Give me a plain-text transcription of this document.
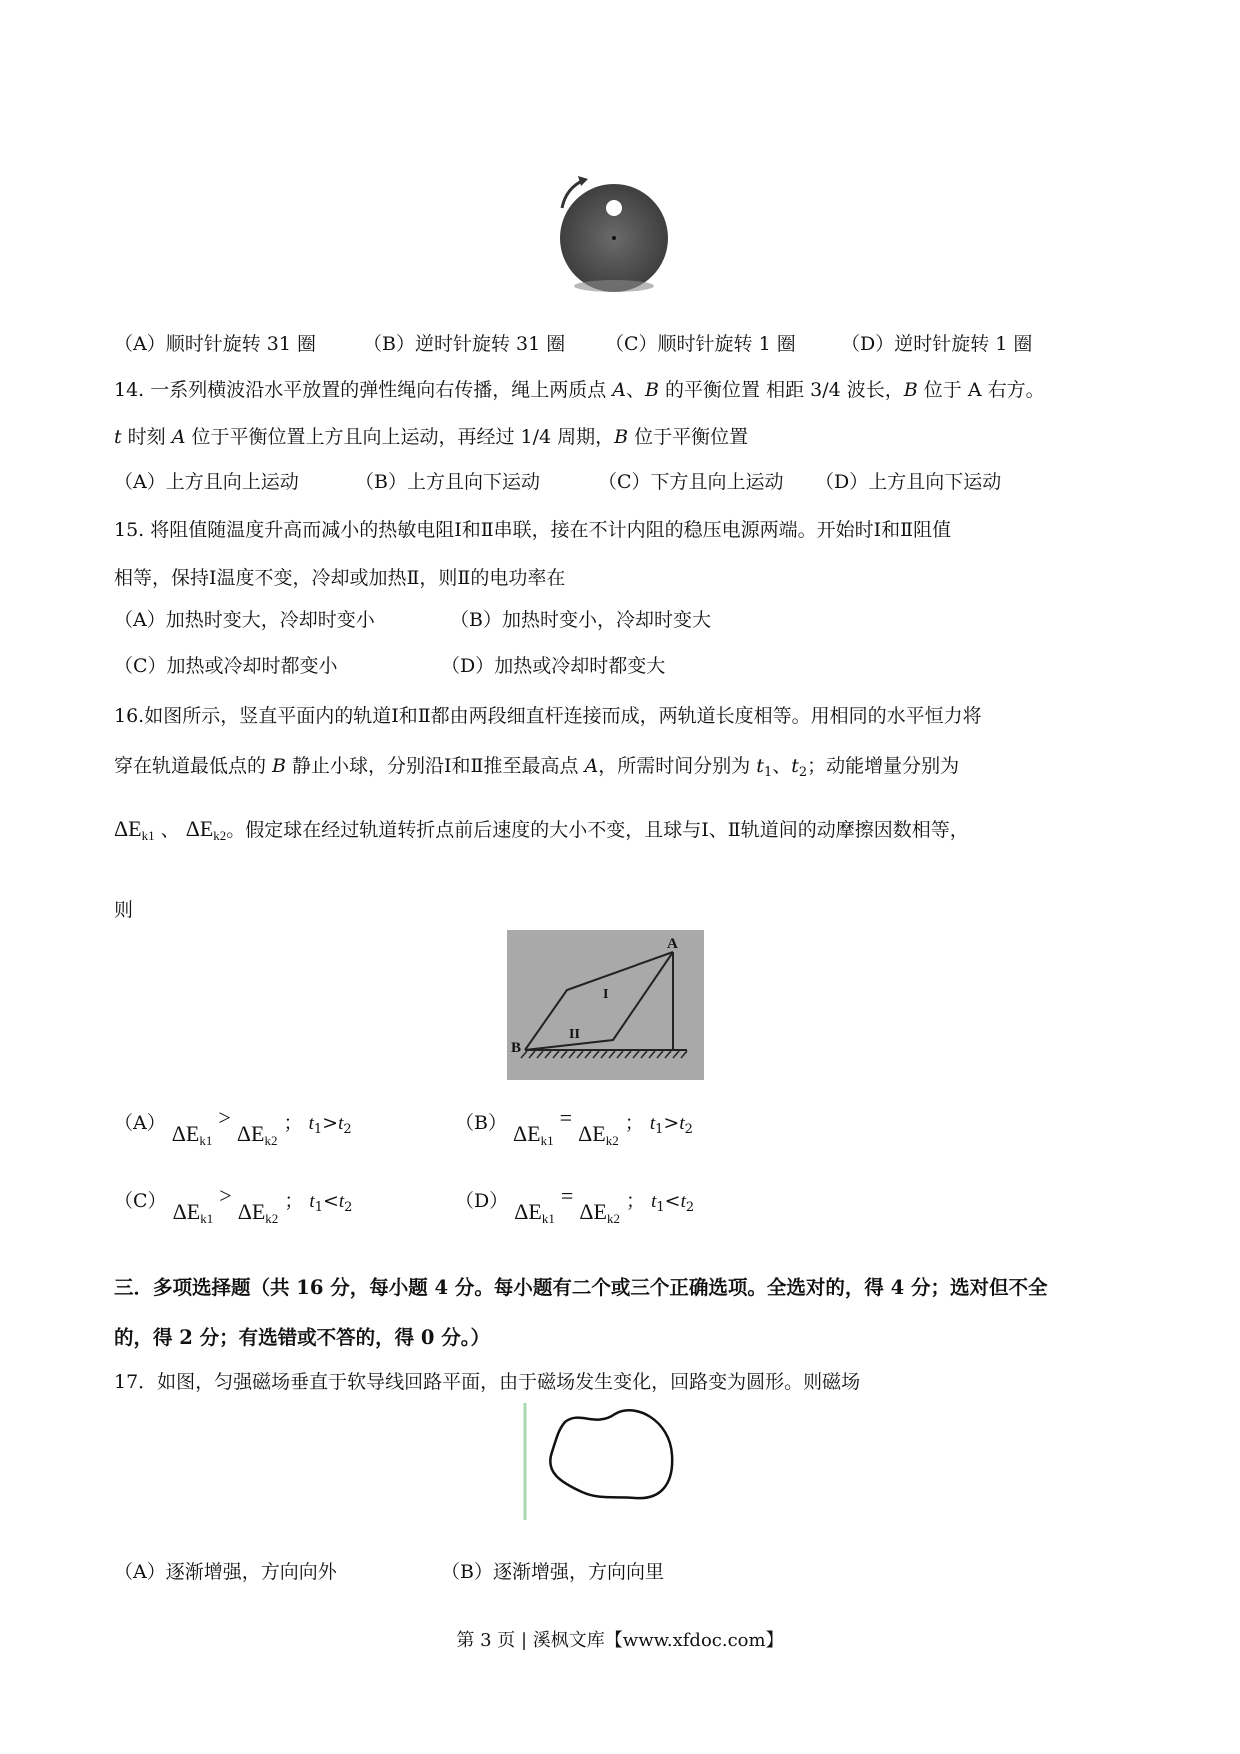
（A）顺时针旋转 31 圈 （B）逆时针旋转 31 圈 （C）顺时针旋转 1 圈 （D）逆时针旋转 1 圈
14. 一系列横波沿水平放置的弹性绳向右传播，绳上两质点 A、B 的平衡位置 相距 3/4 波长，B 位于 A 右方。
t 时刻 A 位于平衡位置上方且向上运动，再经过 1/4 周期，B 位于平衡位置
（A）上方且向上运动	（B）上方且向下运动	（C）下方且向上运动 （D）上方且向下运动
15. 将阻值随温度升高而减小的热敏电阻Ⅰ和Ⅱ串联，接在不计内阻的稳压电源两端。开始时Ⅰ和Ⅱ阻值
相等，保持Ⅰ温度不变，冷却或加热Ⅱ，则Ⅱ的电功率在
（A）加热时变大，冷却时变小	（B）加热时变小，冷却时变大
（C）加热或冷却时都变小	（D）加热或冷却时都变大
16.如图所示，竖直平面内的轨道Ⅰ和Ⅱ都由两段细直杆连接而成，两轨道长度相等。用相同的水平恒力将
穿在轨道最低点的 B 静止小球，分别沿Ⅰ和Ⅱ推至最高点 A，所需时间分别为 $t_1$、$t_2$；动能增量分别为
$\Delta E_{k1}$ 、 $\Delta E_{k2}$。假定球在经过轨道转折点前后速度的大小不变，且球与Ⅰ、Ⅱ轨道间的动摩擦因数相等，
则
A
B
I
II
（A） $\Delta E_{k1} > \Delta E_{k2}$ ； $t_1>t_2$	（B） $\Delta E_{k1} = \Delta E_{k2}$ ； $t_1>t_2$
（C） $\Delta E_{k1} > \Delta E_{k2}$ ； $t_1<t_2$	（D） $\Delta E_{k1} = \Delta E_{k2}$ ； $t_1<t_2$
三．多项选择题（共 16 分，每小题 4 分。每小题有二个或三个正确选项。全选对的，得 4 分；选对但不全
的，得 2 分；有选错或不答的，得 0 分。）
17．如图，匀强磁场垂直于软导线回路平面，由于磁场发生变化，回路变为圆形。则磁场
（A）逐渐增强，方向向外	（B）逐渐增强，方向向里
第 3 页 | 溪枫文库【www.xfdoc.com】
